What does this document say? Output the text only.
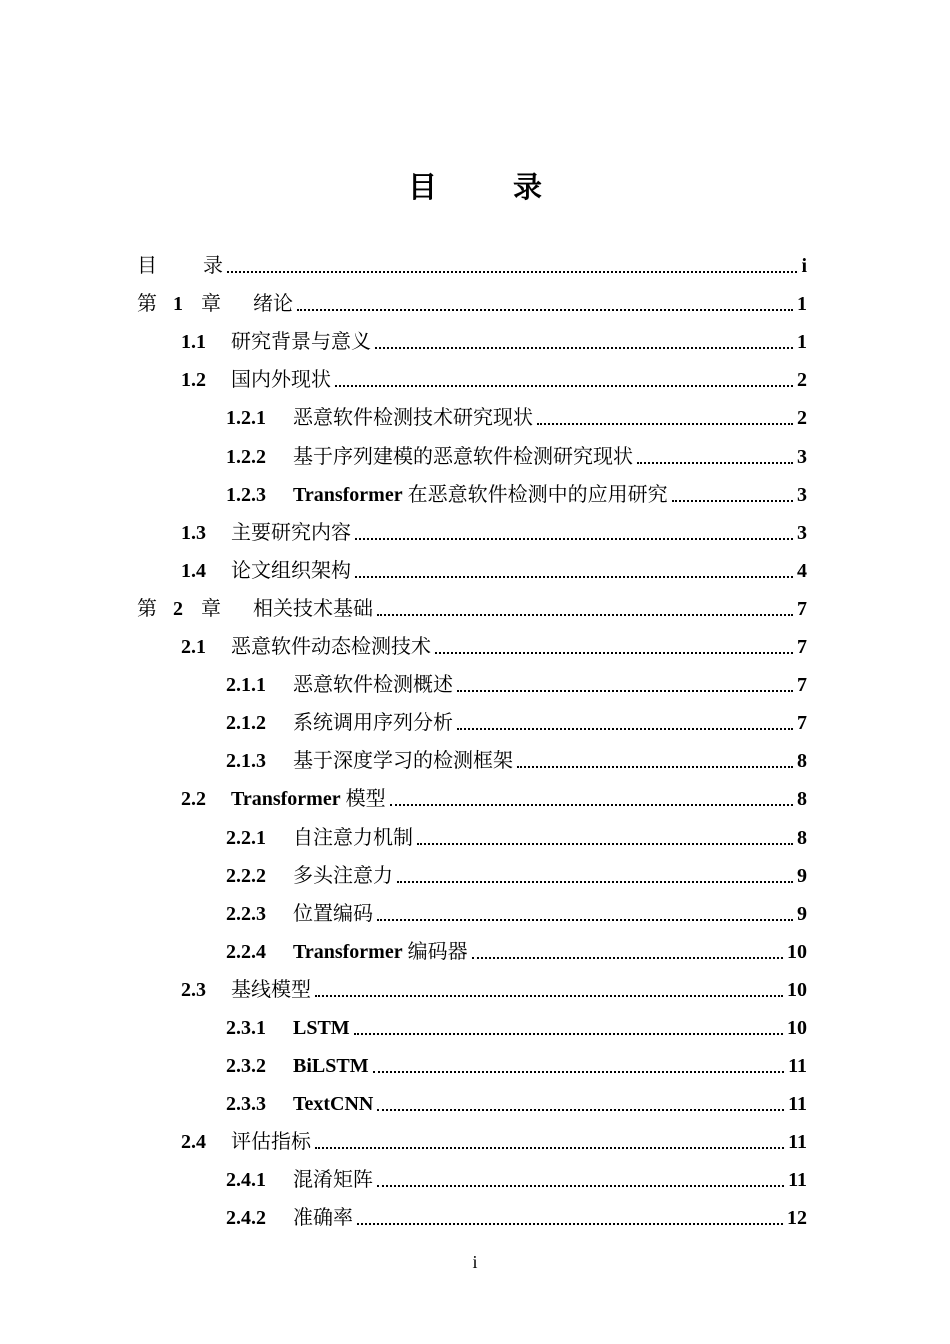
目	录
目 录	i
第 1 章	绪论	1
1.1	研究背景与意义	1
1.2	国内外现状	2
1.2.1	恶意软件检测技术研究现状	2
1.2.2	基于序列建模的恶意软件检测研究现状	3
1.2.3	Transformer 在恶意软件检测中的应用研究	3
1.3	主要研究内容	3
1.4	论文组织架构	4
第 2 章	相关技术基础	7
2.1	恶意软件动态检测技术	7
2.1.1	恶意软件检测概述	7
2.1.2	系统调用序列分析	7
2.1.3	基于深度学习的检测框架	8
2.2	Transformer 模型	8
2.2.1	自注意力机制	8
2.2.2	多头注意力	9
2.2.3	位置编码	9
2.2.4	Transformer 编码器	10
2.3	基线模型	10
2.3.1	LSTM	10
2.3.2	BiLSTM	11
2.3.3	TextCNN	11
2.4	评估指标	11
2.4.1	混淆矩阵	11
2.4.2	准确率	12
i
